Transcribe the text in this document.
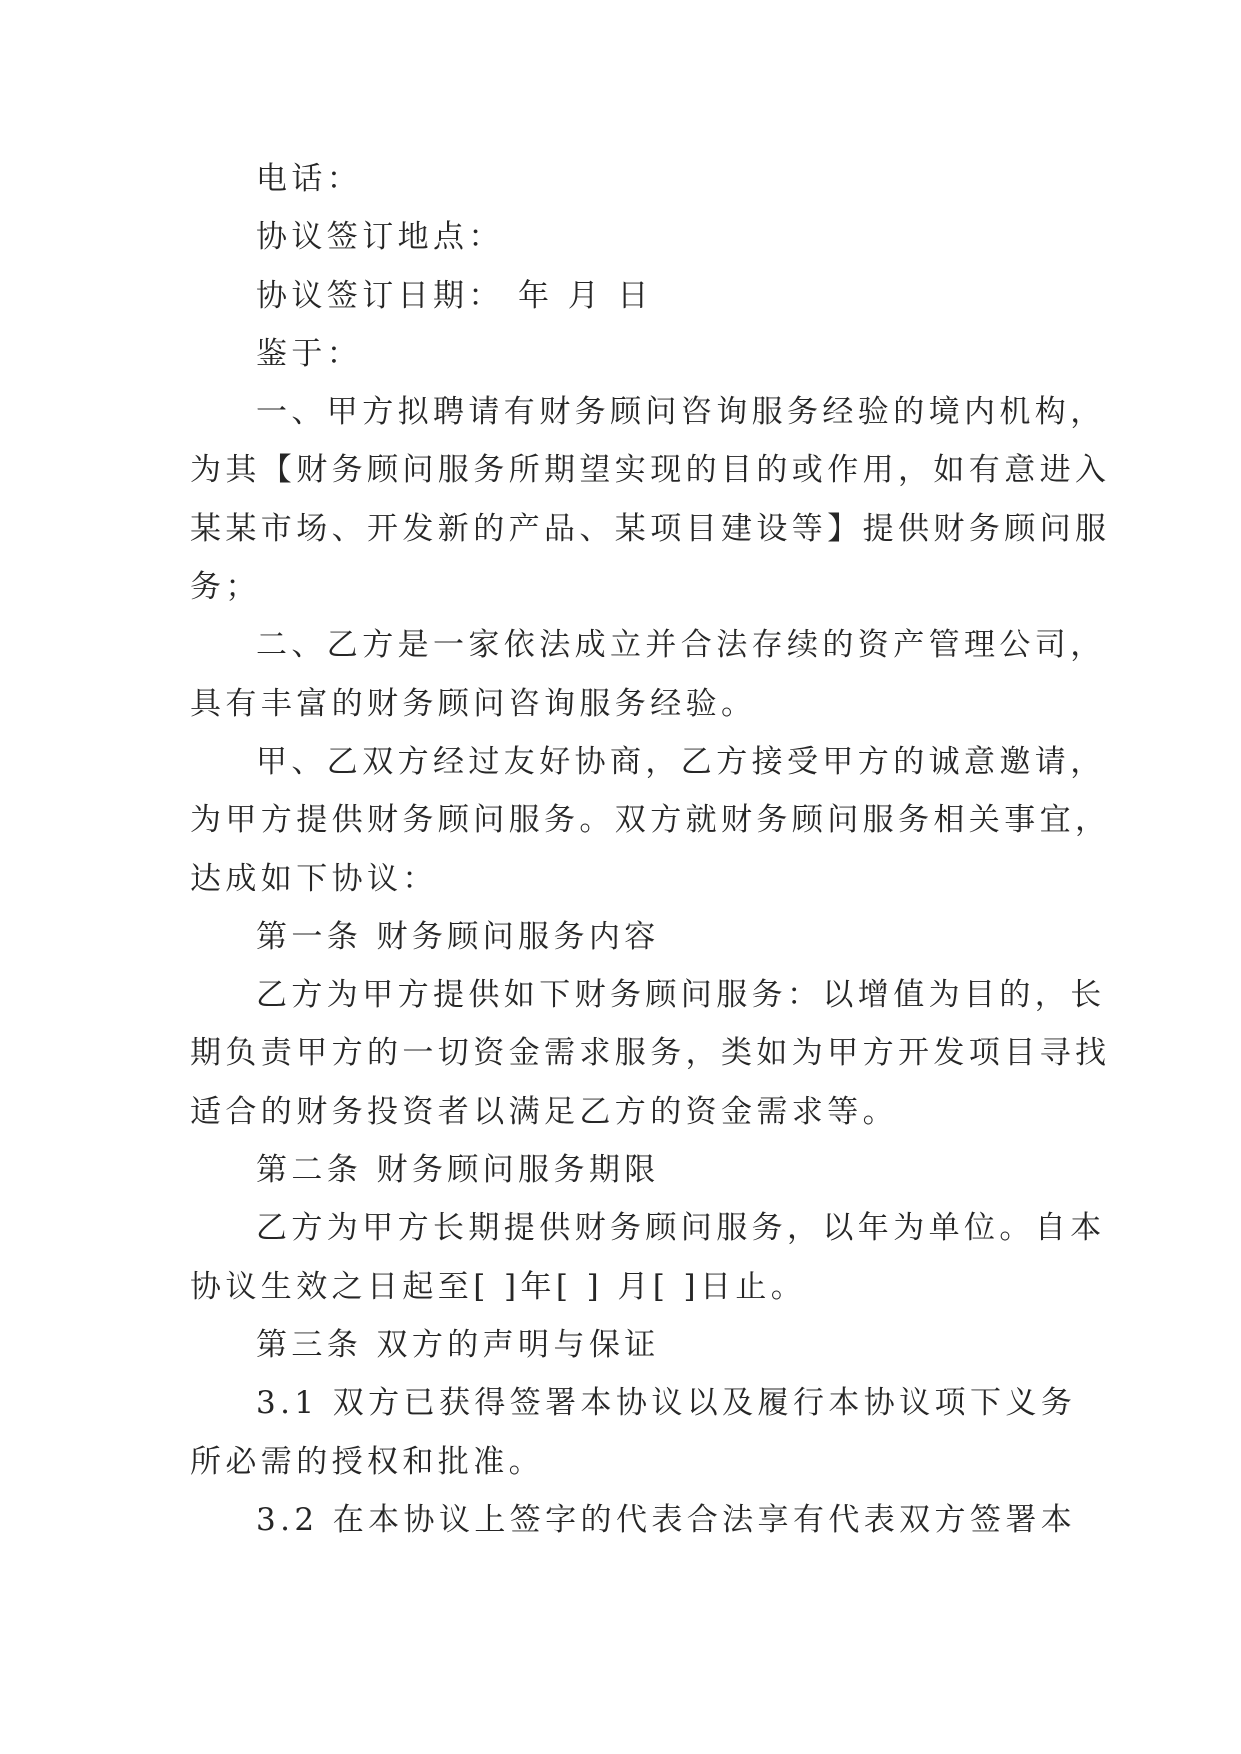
电话：
协议签订地点：
协议签订日期： 年 月 日
鉴于：
一、甲方拟聘请有财务顾问咨询服务经验的境内机构，
为其【财务顾问服务所期望实现的目的或作用，如有意进入
某某市场、开发新的产品、某项目建设等】提供财务顾问服
务；
二、乙方是一家依法成立并合法存续的资产管理公司，
具有丰富的财务顾问咨询服务经验。
甲、乙双方经过友好协商，乙方接受甲方的诚意邀请，
为甲方提供财务顾问服务。双方就财务顾问服务相关事宜，
达成如下协议：
第一条 财务顾问服务内容
乙方为甲方提供如下财务顾问服务：以增值为目的，长
期负责甲方的一切资金需求服务，类如为甲方开发项目寻找
适合的财务投资者以满足乙方的资金需求等。
第二条 财务顾问服务期限
乙方为甲方长期提供财务顾问服务，以年为单位。自本
协议生效之日起至[ ]年[ ] 月[ ]日止。
第三条 双方的声明与保证
3.1 双方已获得签署本协议以及履行本协议项下义务
所必需的授权和批准。
3.2 在本协议上签字的代表合法享有代表双方签署本
